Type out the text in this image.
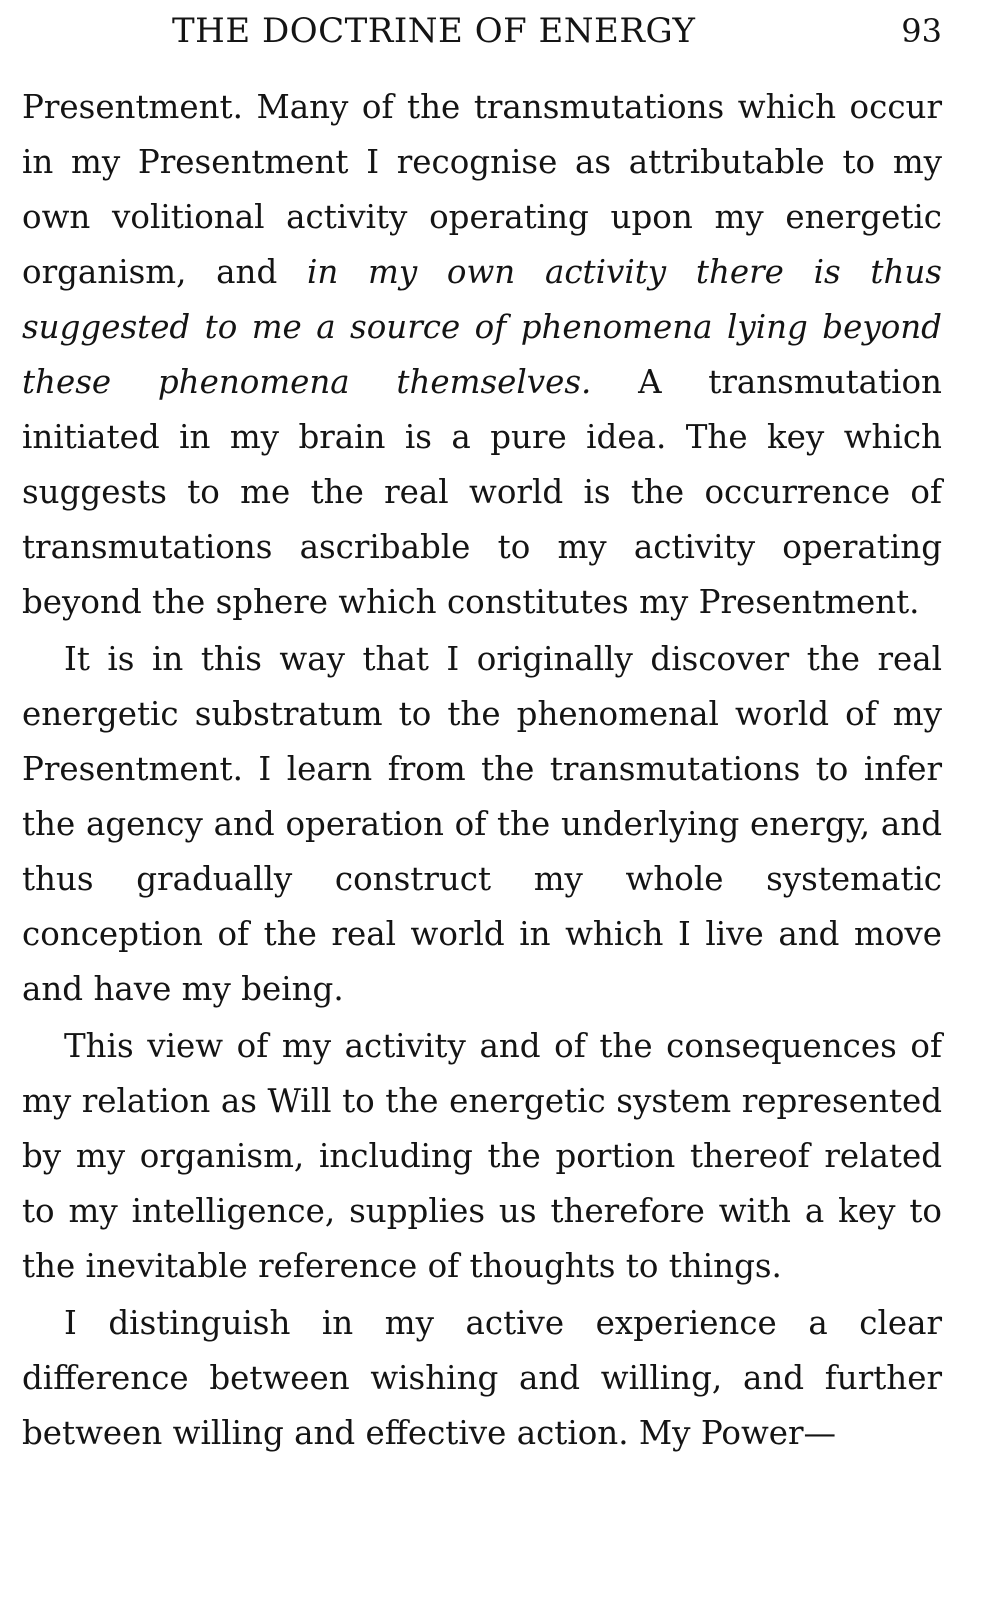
THE DOCTRINE OF ENERGY	93

Presentment. Many of the transmutations which occur in my Presentment I recognise as attributable to my own volitional activity operating upon my energetic organism, and in my own activity there is thus suggested to me a source of phenomena lying beyond these phenomena themselves. A transmutation initiated in my brain is a pure idea. The key which suggests to me the real world is the occurrence of transmutations ascribable to my activity operating beyond the sphere which constitutes my Presentment.

It is in this way that I originally discover the real energetic substratum to the phenomenal world of my Presentment. I learn from the transmutations to infer the agency and operation of the underlying energy, and thus gradually construct my whole systematic conception of the real world in which I live and move and have my being.

This view of my activity and of the consequences of my relation as Will to the energetic system represented by my organism, including the portion thereof related to my intelligence, supplies us therefore with a key to the inevitable reference of thoughts to things.

I distinguish in my active experience a clear difference between wishing and willing, and further between willing and effective action. My Power—
